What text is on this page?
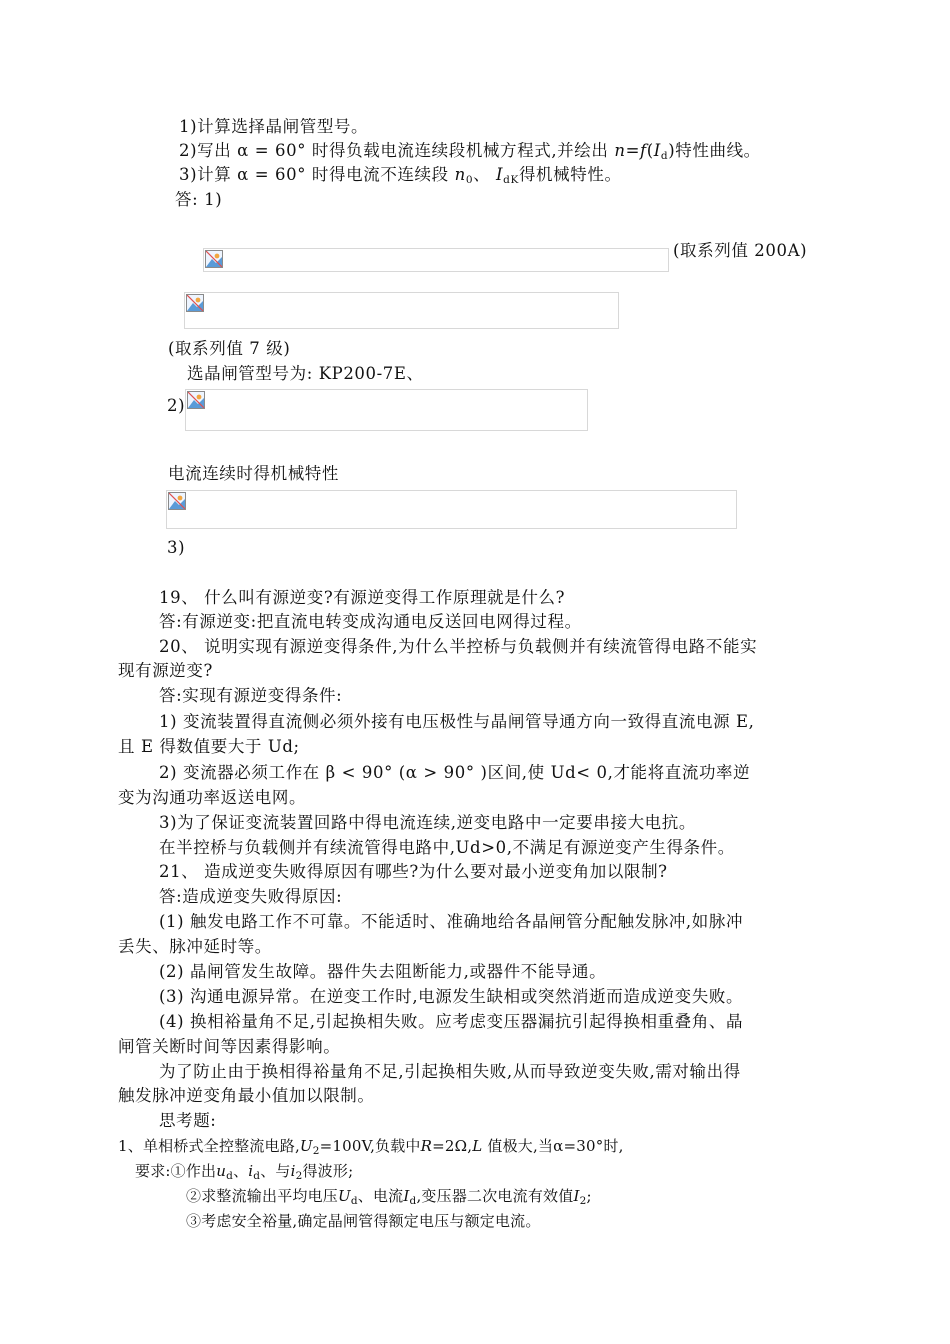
1)计算选择晶闸管型号。
2)写出 α = 60° 时得负载电流连续段机械方程式,并绘出 $n=f(I_d)$特性曲线。
3)计算 α = 60° 时得电流不连续段 $n_0$、 $I_{dK}$得机械特性。
答: 1)
(取系列值 200A)
(取系列值 7 级)
选晶闸管型号为: KP200-7E、
2)
电流连续时得机械特性
3)
19、 什么叫有源逆变?有源逆变得工作原理就是什么?
答:有源逆变:把直流电转变成沟通电反送回电网得过程。
20、 说明实现有源逆变得条件,为什么半控桥与负载侧并有续流管得电路不能实
现有源逆变?
答:实现有源逆变得条件:
1) 变流装置得直流侧必须外接有电压极性与晶闸管导通方向一致得直流电源 E,
且 E 得数值要大于 Ud;
2) 变流器必须工作在 β < 90° (α > 90° )区间,使 Ud< 0,才能将直流功率逆
变为沟通功率返送电网。
3)为了保证变流装置回路中得电流连续,逆变电路中一定要串接大电抗。
在半控桥与负载侧并有续流管得电路中,Ud>0,不满足有源逆变产生得条件。
21、 造成逆变失败得原因有哪些?为什么要对最小逆变角加以限制?
答:造成逆变失败得原因:
(1) 触发电路工作不可靠。不能适时、准确地给各晶闸管分配触发脉冲,如脉冲
丢失、脉冲延时等。
(2) 晶闸管发生故障。器件失去阻断能力,或器件不能导通。
(3) 沟通电源异常。在逆变工作时,电源发生缺相或突然消逝而造成逆变失败。
(4) 换相裕量角不足,引起换相失败。应考虑变压器漏抗引起得换相重叠角、晶
闸管关断时间等因素得影响。
为了防止由于换相得裕量角不足,引起换相失败,从而导致逆变失败,需对输出得
触发脉冲逆变角最小值加以限制。
思考题:
1、单相桥式全控整流电路$,U_2=100V$,负载中R=2Ω,L 值极大,当α=30°时,
要求:①作出$u_d$、$i_d$、与$i_2$得波形;
②求整流输出平均电压$U_d$、电流$I_d$,变压器二次电流有效值$I_2$;
③考虑安全裕量,确定晶闸管得额定电压与额定电流。
